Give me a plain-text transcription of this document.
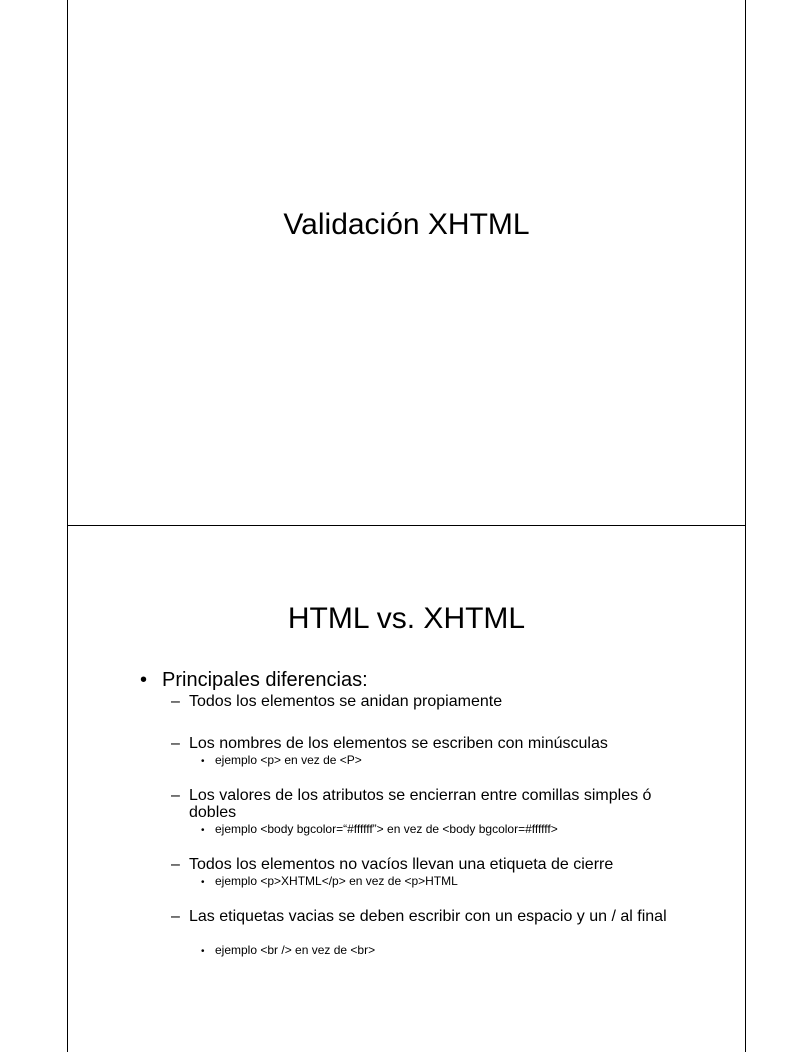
Validación XHTML
HTML vs. XHTML
• Principales diferencias:
– Todos los elementos se anidan propiamente
– Los nombres de los elementos se escriben con minúsculas
• ejemplo <p> en vez de <P>
– Los valores de los atributos se encierran entre comillas simples ó dobles
• ejemplo <body bgcolor=“#ffffff”> en vez de <body bgcolor=#ffffff>
– Todos los elementos no vacíos llevan una etiqueta de cierre
• ejemplo <p>XHTML</p> en vez de <p>HTML
– Las etiquetas vacias se deben escribir con un espacio y un / al final
• ejemplo <br /> en vez de <br>
